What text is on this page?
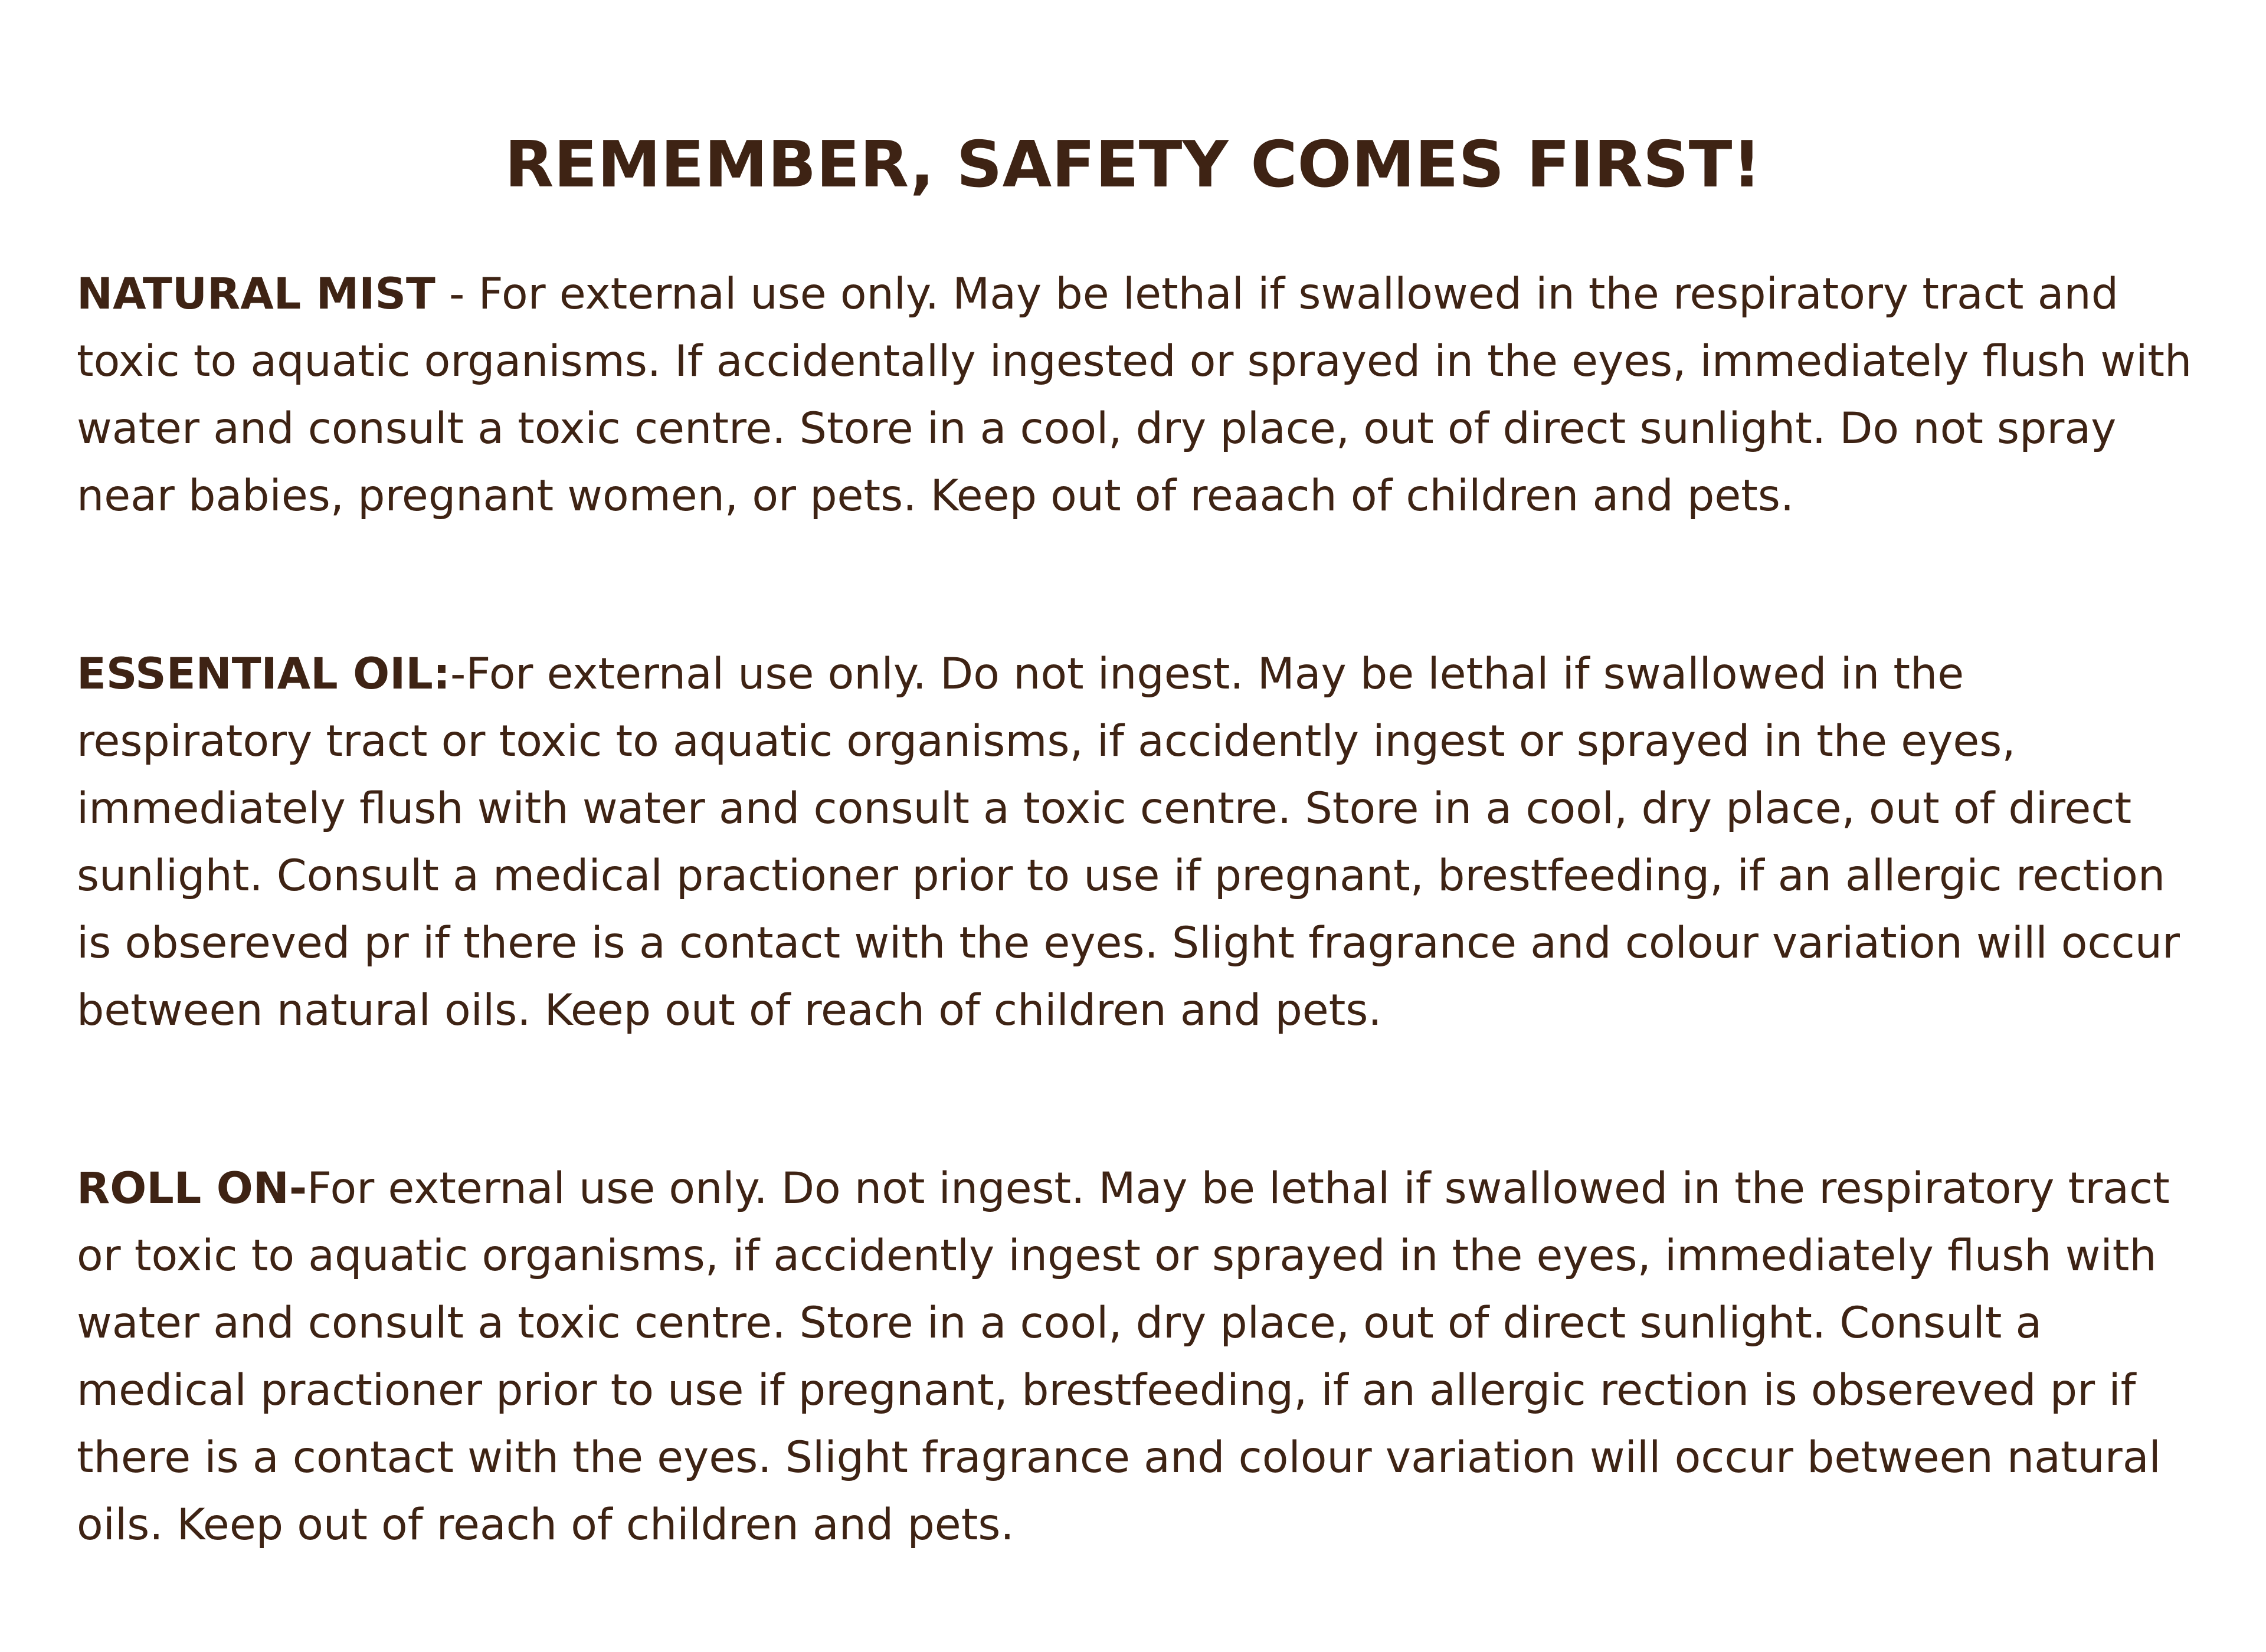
REMEMBER, SAFETY COMES FIRST!

NATURAL MIST - For external use only. May be lethal if swallowed in the respiratory tract and toxic to aquatic organisms. If accidentally ingested or sprayed in the eyes, immediately flush with water and consult a toxic centre. Store in a cool, dry place, out of direct sunlight. Do not spray near babies, pregnant women, or pets. Keep out of reaach of children and pets.

ESSENTIAL OIL:-For external use only. Do not ingest. May be lethal if swallowed in the respiratory tract or toxic to aquatic organisms, if accidently ingest or sprayed in the eyes, immediately flush with water and consult a toxic centre. Store in a cool, dry place, out of direct sunlight. Consult a medical practioner prior to use if pregnant, brestfeeding, if an allergic rection is obsereved pr if there is a contact with the eyes. Slight fragrance and colour variation will occur between natural oils. Keep out of reach of children and pets.

ROLL ON-For external use only. Do not ingest. May be lethal if swallowed in the respiratory tract or toxic to aquatic organisms, if accidently ingest or sprayed in the eyes, immediately flush with water and consult a toxic centre. Store in a cool, dry place, out of direct sunlight. Consult a medical practioner prior to use if pregnant, brestfeeding, if an allergic rection is obsereved pr if there is a contact with the eyes. Slight fragrance and colour variation will occur between natural oils. Keep out of reach of children and pets.
